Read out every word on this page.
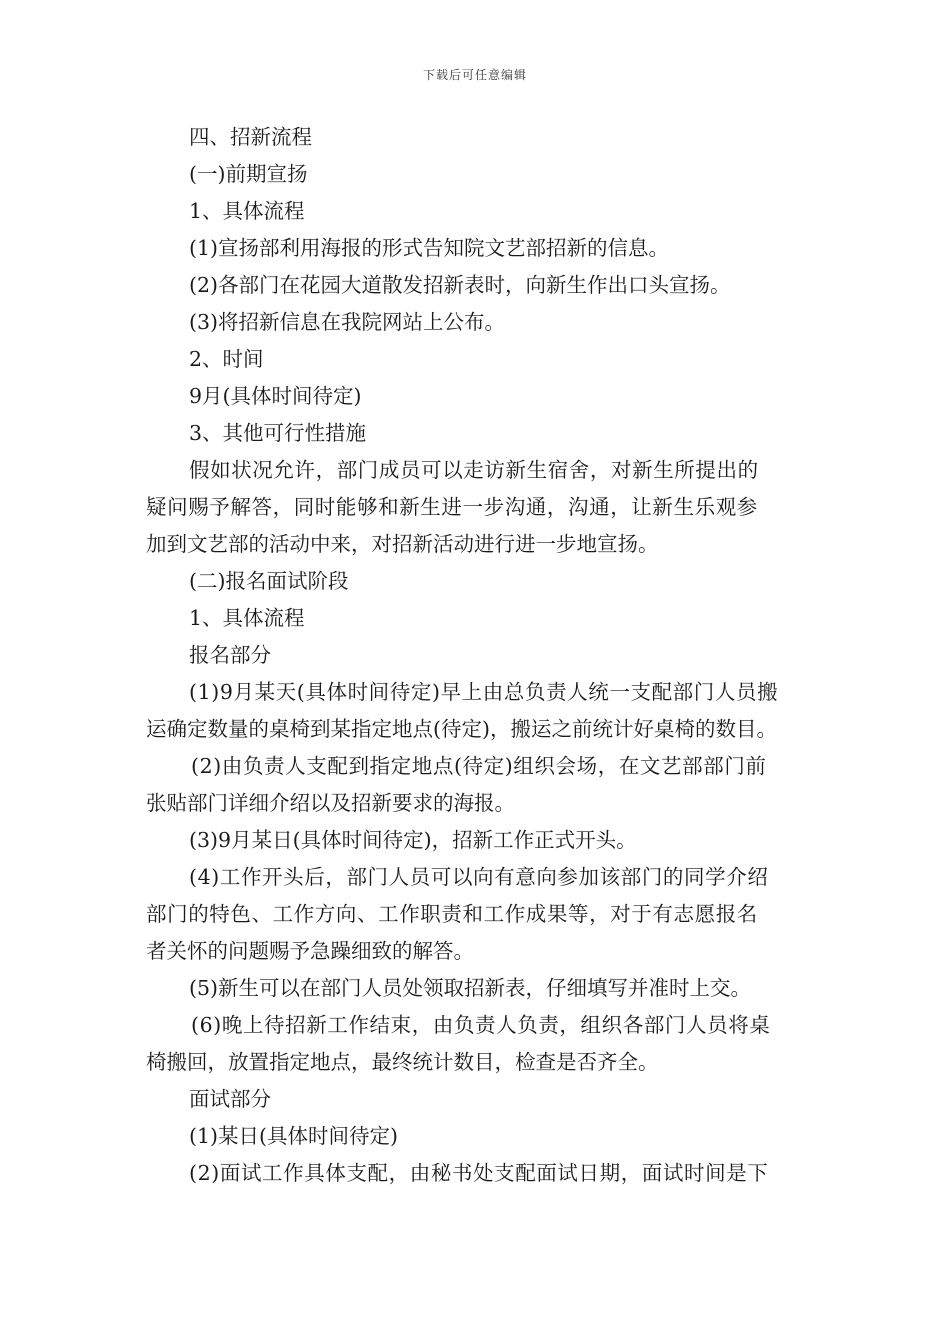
下载后可任意编辑
四、招新流程
(一)前期宣扬
1、具体流程
(1)宣扬部利用海报的形式告知院文艺部招新的信息。
(2)各部门在花园大道散发招新表时，向新生作出口头宣扬。
(3)将招新信息在我院网站上公布。
2、时间
9月(具体时间待定)
3、其他可行性措施
假如状况允许，部门成员可以走访新生宿舍，对新生所提出的
疑问赐予解答，同时能够和新生进一步沟通，沟通，让新生乐观参
加到文艺部的活动中来，对招新活动进行进一步地宣扬。
(二)报名面试阶段
1、具体流程
报名部分
(1)9月某天(具体时间待定)早上由总负责人统一支配部门人员搬
运确定数量的桌椅到某指定地点(待定)，搬运之前统计好桌椅的数目。
(2)由负责人支配到指定地点(待定)组织会场，在文艺部部门前
张贴部门详细介绍以及招新要求的海报。
(3)9月某日(具体时间待定)，招新工作正式开头。
(4)工作开头后，部门人员可以向有意向参加该部门的同学介绍
部门的特色、工作方向、工作职责和工作成果等，对于有志愿报名
者关怀的问题赐予急躁细致的解答。
(5)新生可以在部门人员处领取招新表，仔细填写并准时上交。
(6)晚上待招新工作结束，由负责人负责，组织各部门人员将桌
椅搬回，放置指定地点，最终统计数目，检查是否齐全。
面试部分
(1)某日(具体时间待定)
(2)面试工作具体支配，由秘书处支配面试日期，面试时间是下
